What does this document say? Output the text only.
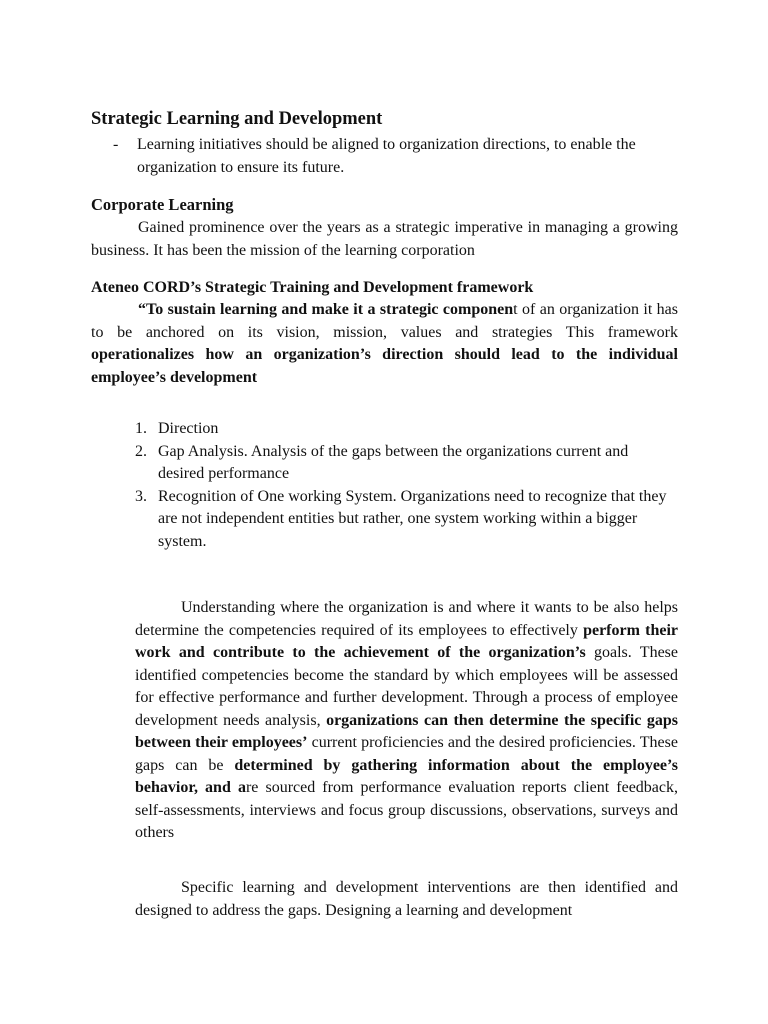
Strategic Learning and Development
- Learning initiatives should be aligned to organization directions, to enable the organization to ensure its future.
Corporate Learning
Gained prominence over the years as a strategic imperative in managing a growing business. It has been the mission of the learning corporation
Ateneo CORD’s Strategic Training and Development framework
“To sustain learning and make it a strategic component of an organization it has to be anchored on its vision, mission, values and strategies This framework operationalizes how an organization’s direction should lead to the individual employee’s development
1. Direction
2. Gap Analysis. Analysis of the gaps between the organizations current and desired performance
3. Recognition of One working System. Organizations need to recognize that they are not independent entities but rather, one system working within a bigger system.
Understanding where the organization is and where it wants to be also helps determine the competencies required of its employees to effectively perform their work and contribute to the achievement of the organization’s goals. These identified competencies become the standard by which employees will be assessed for effective performance and further development. Through a process of employee development needs analysis, organizations can then determine the specific gaps between their employees’ current proficiencies and the desired proficiencies. These gaps can be determined by gathering information about the employee’s behavior, and are sourced from performance evaluation reports client feedback, self-assessments, interviews and focus group discussions, observations, surveys and others
Specific learning and development interventions are then identified and designed to address the gaps. Designing a learning and development
